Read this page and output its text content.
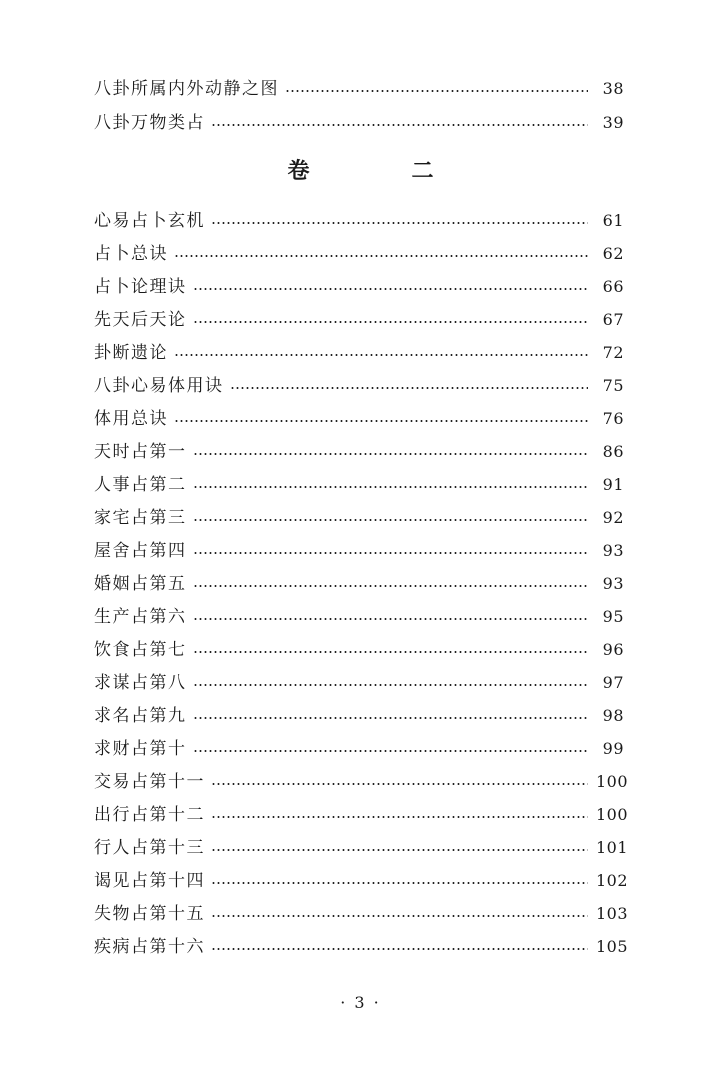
八卦所属内外动静之图	38
八卦万物类占	39
卷　二
心易占卜玄机	61
占卜总诀	62
占卜论理诀	66
先天后天论	67
卦断遗论	72
八卦心易体用诀	75
体用总诀	76
天时占第一	86
人事占第二	91
家宅占第三	92
屋舍占第四	93
婚姻占第五	93
生产占第六	95
饮食占第七	96
求谋占第八	97
求名占第九	98
求财占第十	99
交易占第十一	100
出行占第十二	100
行人占第十三	101
谒见占第十四	102
失物占第十五	103
疾病占第十六	105
· 3 ·
